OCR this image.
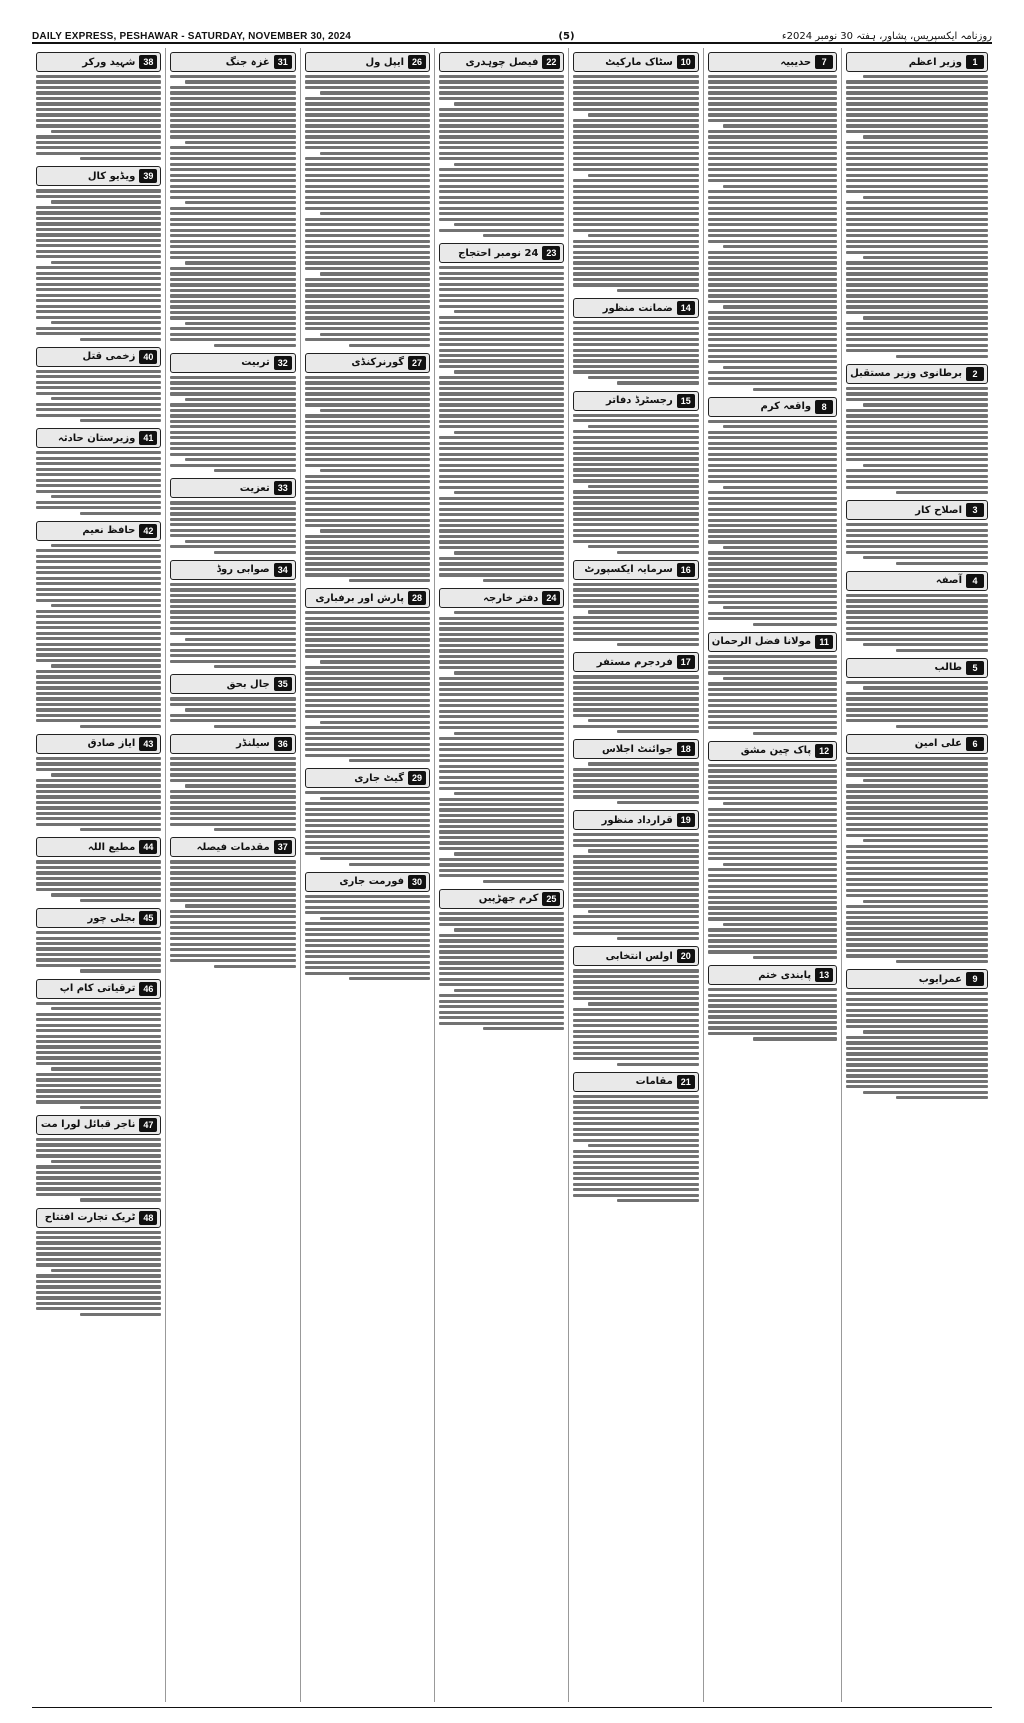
DAILY EXPRESS, PESHAWAR - SATURDAY, NOVEMBER 30, 2024	(5)	روزنامہ ایکسپریس، پشاور، ہفتہ 30 نومبر 2024ء
1
وزیر اعظم
2
برطانوی وزیر مستقبل
3
اصلاح کار
4
آصفہ
5
طالب
6
علی امین
9
عمرایوب
7
حدیبیہ
8
واقعہ کرم
11
مولانا فضل الرحمان
12
پاک چین مشق
13
پابندی ختم
10
سٹاک مارکیٹ
14
ضمانت منظور
15
رجسٹرڈ دفاتر
16
سرمایہ ایکسپورٹ
17
فردجرم مستفر
18
جوائنٹ اجلاس
19
قرارداد منظور
20
اولس انتخابی
21
مقامات
22
فیصل چوہدری
23
24 نومبر احتجاج
24
دفتر خارجہ
25
کرم جھڑپیں
26
ایپل ول
27
گورنرکنڈی
28
پارش اور برفباری
29
گیٹ جاری
30
فورمت جاری
31
غزہ جنگ
32
تربیت
33
تعزیت
34
صوابی روڈ
35
جال بحق
36
سیلنڈر
37
مقدمات فیصلہ
38
شہید ورکر
39
ویڈیو کال
40
زخمی قتل
41
وزیرستان حادثہ
42
حافظ نعیم
43
ایاز صادق
44
مطیع اللہ
45
بجلی چور
46
ترقیاتی کام اپ
47
ناجر قبائل لورا مت
48
ٹریک تجارت افتتاح
